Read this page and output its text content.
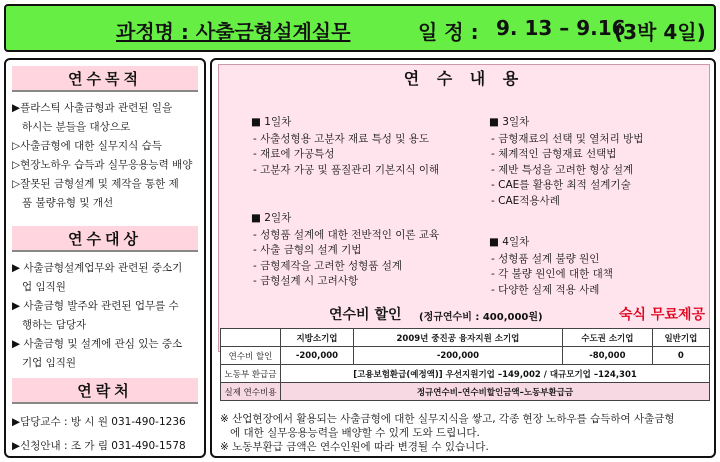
과정명 : 사출금형설계실무	일 정 : 9. 13 – 9.16
(3박 4일)
연수목적

▶플라스틱 사출금형과 관련된 일을

하시는 분들을 대상으로

▷사출금형에 대한 실무지식 습득

▷현장노하우 습득과 실무응용능력 배양

▷잘못된 금형설계 및 제작을 통한 제

품 불량유형 및 개선

연수대상

▶ 사출금형설계업무와 관련된 중소기

업 임직원

▶ 사출금형 발주와 관련된 업무를 수

행하는 담당자

▶ 사출금형 및 설계에 관심 있는 중소

기업 임직원

연락처

▶담당교수 : 방 시 원 031-490-1236

▶신청안내 : 조 가 림 031-490-1578

연 수 내 용
■ 1일차
- 사출성형용 고분자 재료 특성 및 용도
- 재료에 가공특성
- 고분자 가공 및 품질관리 기본지식 이해
■ 2일차
- 성형품 설계에 대한 전반적인 이론 교육
- 사출 금형의 설계 기법
- 금형제작을 고려한 성형품 설계
- 금형설계 시 고려사항
■ 3일차
- 금형재료의 선택 및 열처리 방법
- 체계적인 금형재료 선택법
- 제반 특성을 고려한 형상 설계
- CAE를 활용한 최적 설계기술
- CAE적용사례
■ 4일차
- 성형품 설계 불량 원인
- 각 불량 원인에 대한 대책
- 다양한 실제 적용 사례
연수비 할인 (정규연수비 : 400,000원)	숙식 무료제공
	지방소기업	2009년 중진공 융자지원 소기업	수도권 소기업	일반기업
연수비 할인	-200,000	-200,000	-80,000	0
노동부 환급금	[고용보험환급(예정액)] 우선지원기업 –149,002 / 대규모기업 –124,301			
실제 연수비용	정규연수비–연수비할인금액–노동부환급금			
※ 산업현장에서 활용되는 사출금형에 대한 실무지식을 쌓고, 각종 현장 노하우를 습득하여 사출금형
에 대한 실무응용능력을 배양할 수 있게 도와 드립니다.
※ 노동부환급 금액은 연수인원에 따라 변경될 수 있습니다.
